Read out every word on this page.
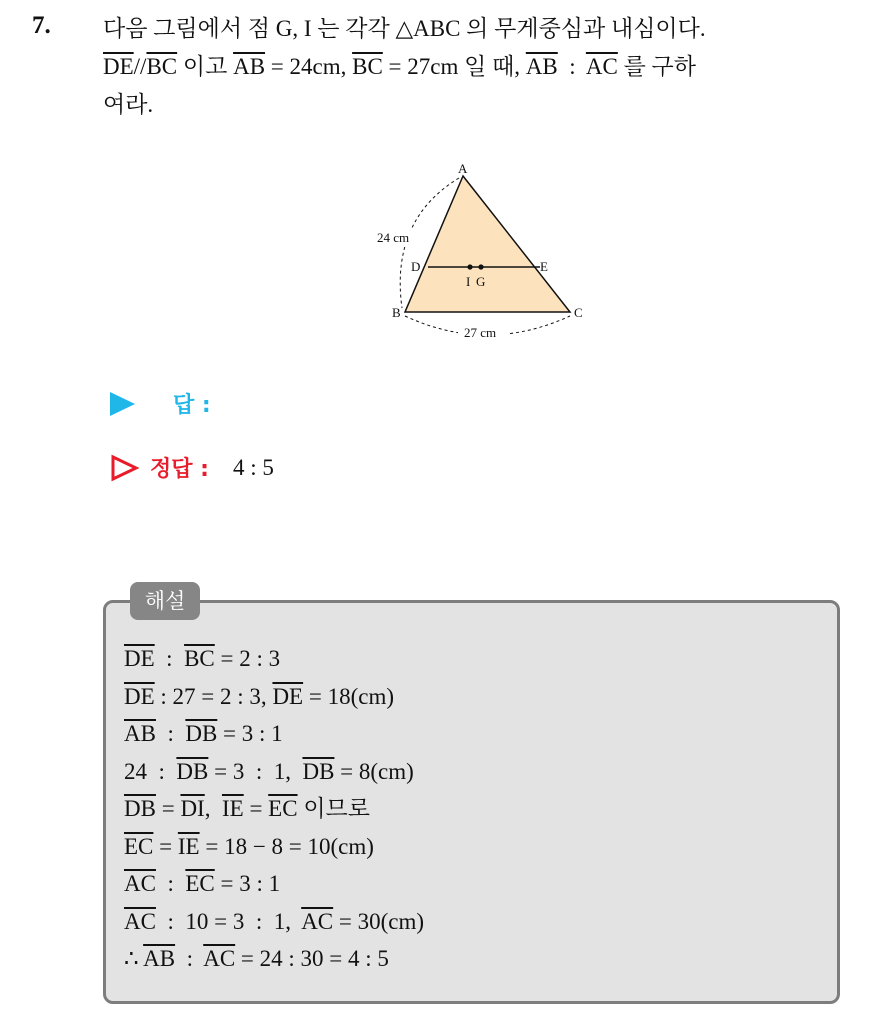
7. 다음 그림에서 점 G, I 는 각각 △ABC 의 무게중심과 내심이다.
$\overline{DE}//\overline{BC}$ 이고 $\overline{AB} = 24cm$, $\overline{BC} = 27cm$ 일 때, $\overline{AB}$  :  $\overline{AC}$ 를 구하
여라.
A
B	C
D	E
I G
24 cm
27 cm
답 :
정답 : 4 : 5
해설
$\overline{DE}$  :  $\overline{BC} = 2$ : 3
$\overline{DE}$ : 27 = 2 : 3, $\overline{DE} = 18(cm)$
$\overline{AB}$  :  $\overline{DB} = 3$ : 1
24  :  $\overline{DB} = 3$  :  1,  $\overline{DB} = 8(cm)$
$\overline{DB} = \overline{DI}$,  $\overline{IE} = \overline{EC}$ 이므로
$\overline{EC} = \overline{IE} = 18 - 8 = 10(cm)$
$\overline{AC}$  :  $\overline{EC} = 3$ : 1
$\overline{AC}$  :  10 = 3  :  1,  $\overline{AC} = 30(cm)$
∴ $\overline{AB}$  :  $\overline{AC} = 24$ : 30 = 4 : 5
